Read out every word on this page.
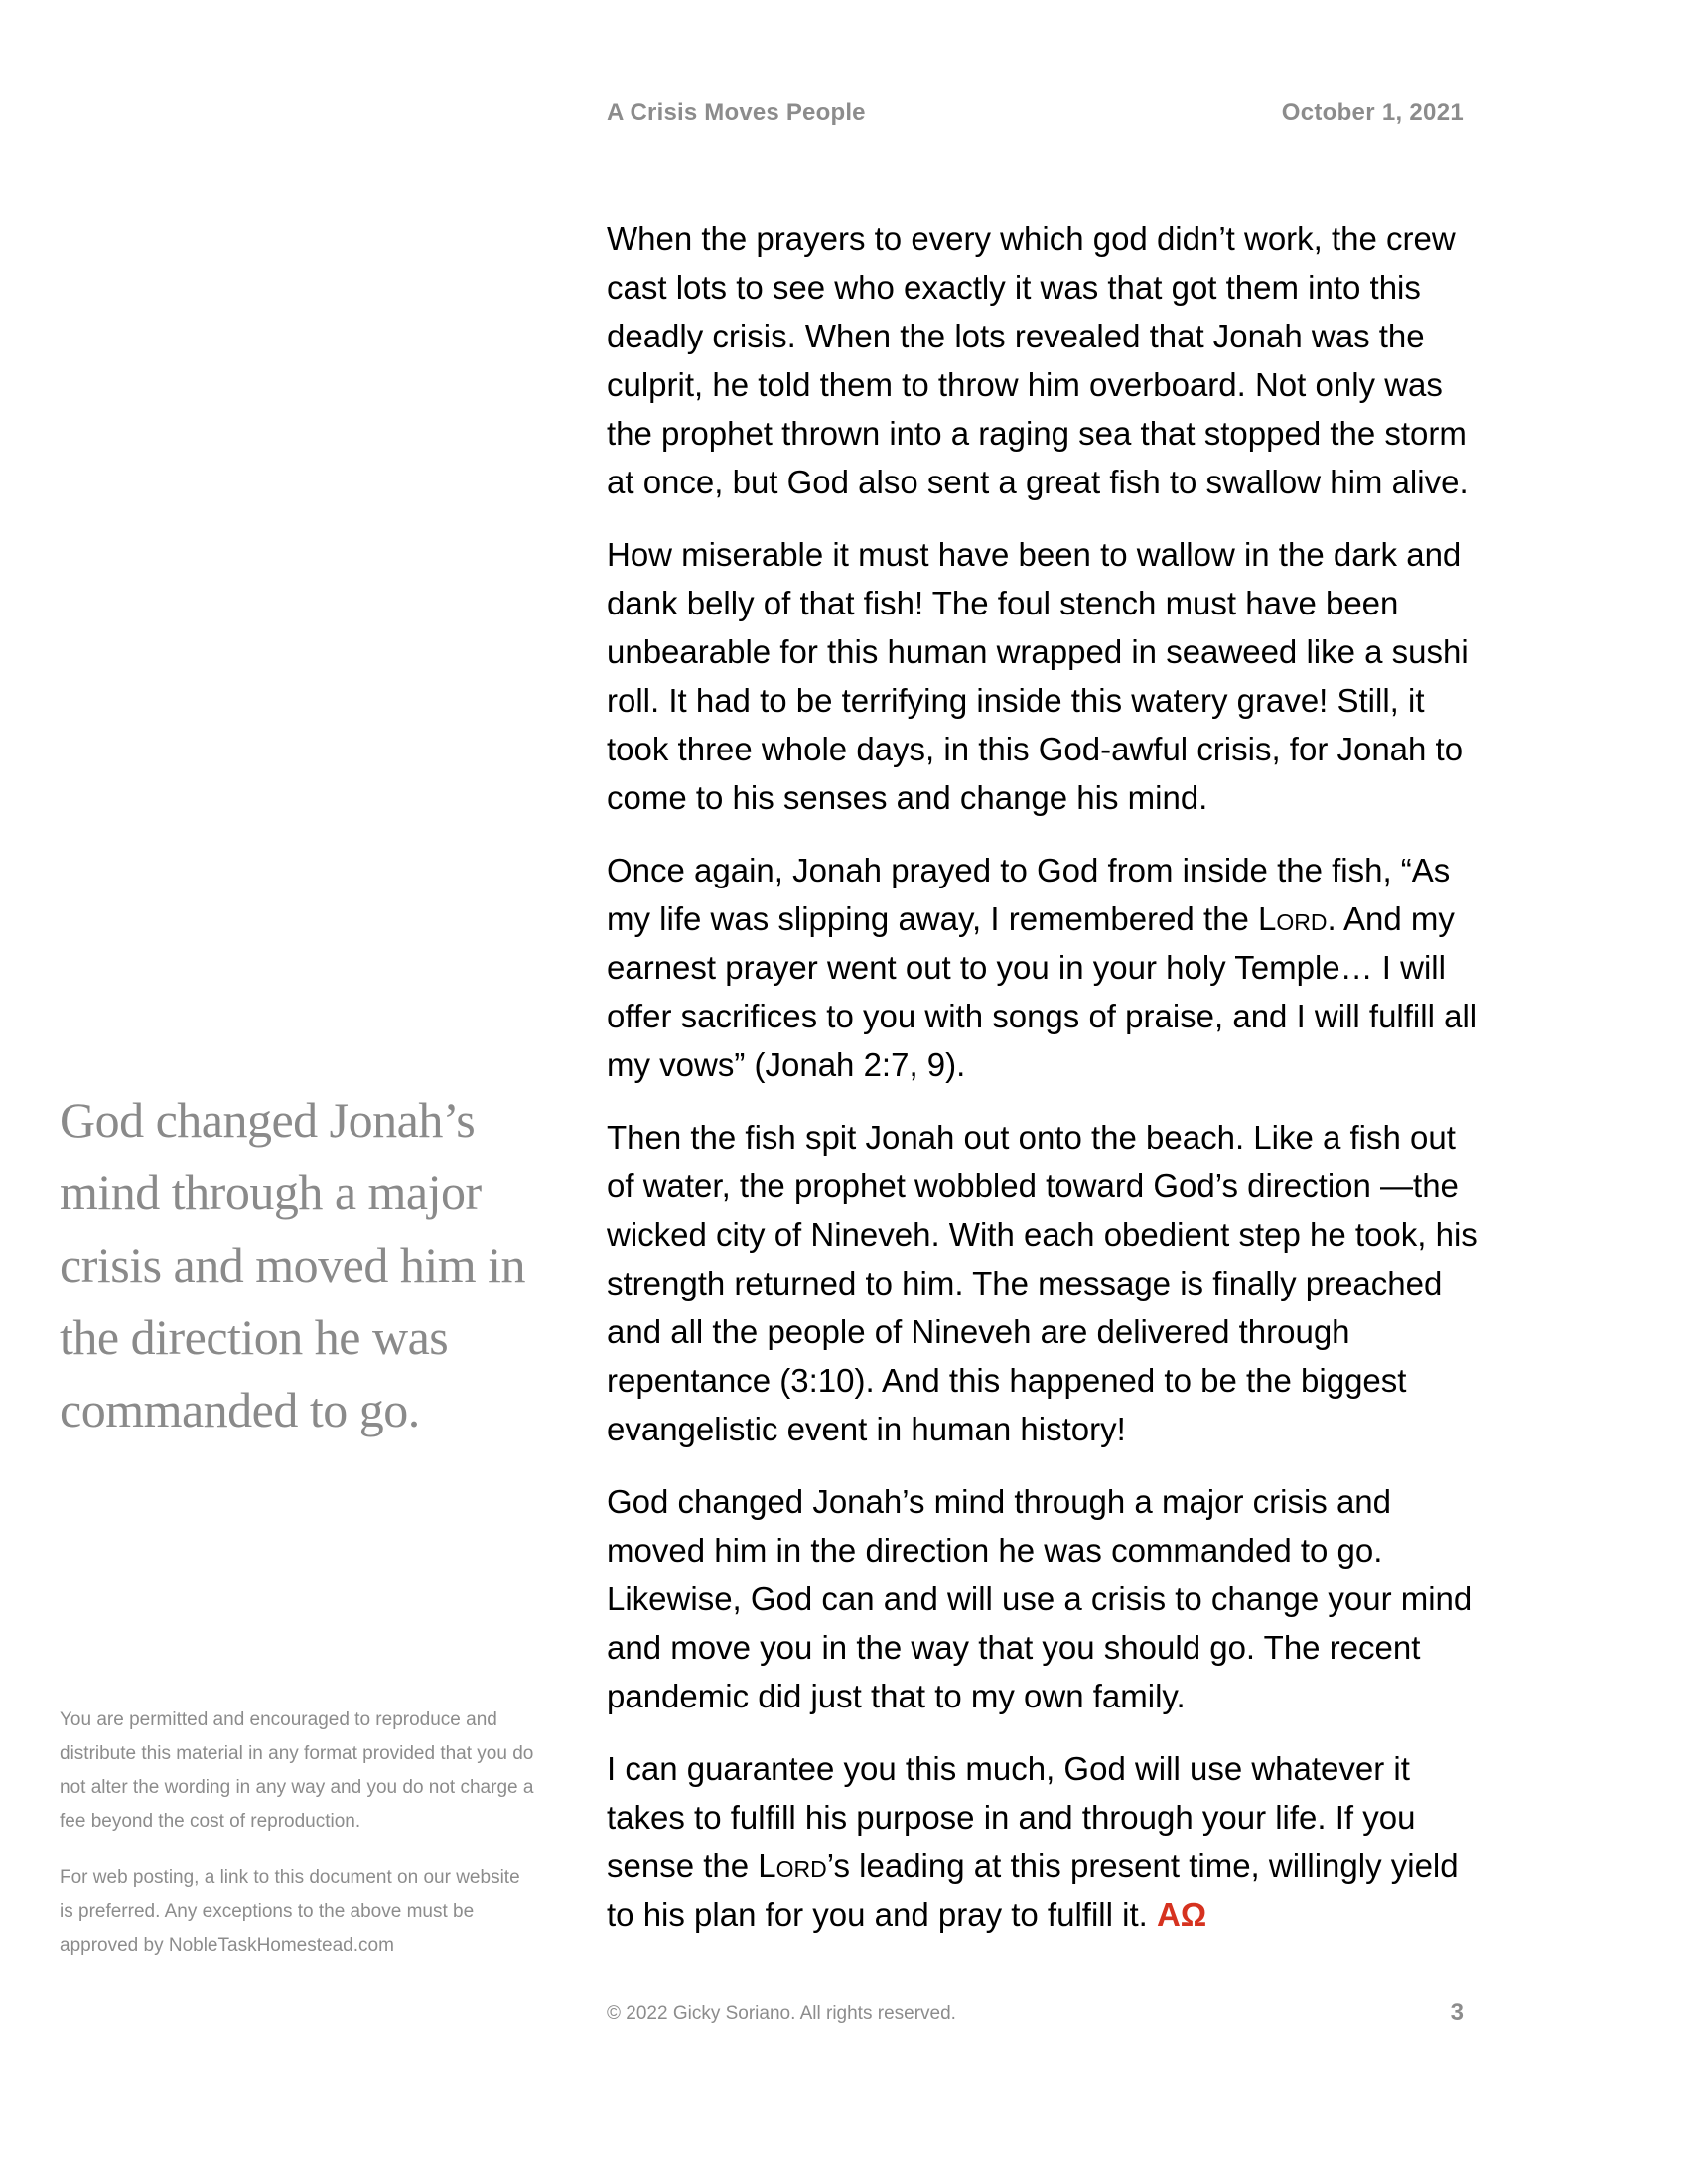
A Crisis Moves People	October 1, 2021

When the prayers to every which god didn’t work, the crew cast lots to see who exactly it was that got them into this deadly crisis. When the lots revealed that Jonah was the culprit, he told them to throw him overboard. Not only was the prophet thrown into a raging sea that stopped the storm at once, but God also sent a great fish to swallow him alive.

How miserable it must have been to wallow in the dark and dank belly of that fish! The foul stench must have been unbearable for this human wrapped in seaweed like a sushi roll. It had to be terrifying inside this watery grave! Still, it took three whole days, in this God-awful crisis, for Jonah to come to his senses and change his mind.

Once again, Jonah prayed to God from inside the fish, “As my life was slipping away, I remembered the Lord. And my earnest prayer went out to you in your holy Temple… I will offer sacrifices to you with songs of praise, and I will fulfill all my vows” (Jonah 2:7, 9).

Then the fish spit Jonah out onto the beach. Like a fish out of water, the prophet wobbled toward God’s direction —the wicked city of Nineveh. With each obedient step he took, his strength returned to him. The message is finally preached and all the people of Nineveh are delivered through repentance (3:10). And this happened to be the biggest evangelistic event in human history!

God changed Jonah’s mind through a major crisis and moved him in the direction he was commanded to go. Likewise, God can and will use a crisis to change your mind and move you in the way that you should go. The recent pandemic did just that to my own family.

I can guarantee you this much, God will use whatever it takes to fulfill his purpose in and through your life. If you sense the Lord’s leading at this present time, willingly yield to his plan for you and pray to fulfill it. ΑΩ

God changed Jonah’s mind through a major crisis and moved him in the direction he was commanded to go.

You are permitted and encouraged to reproduce and distribute this material in any format provided that you do not alter the wording in any way and you do not charge a fee beyond the cost of reproduction.

For web posting, a link to this document on our website is preferred. Any exceptions to the above must be approved by NobleTaskHomestead.com

© 2022 Gicky Soriano. All rights reserved.	3
